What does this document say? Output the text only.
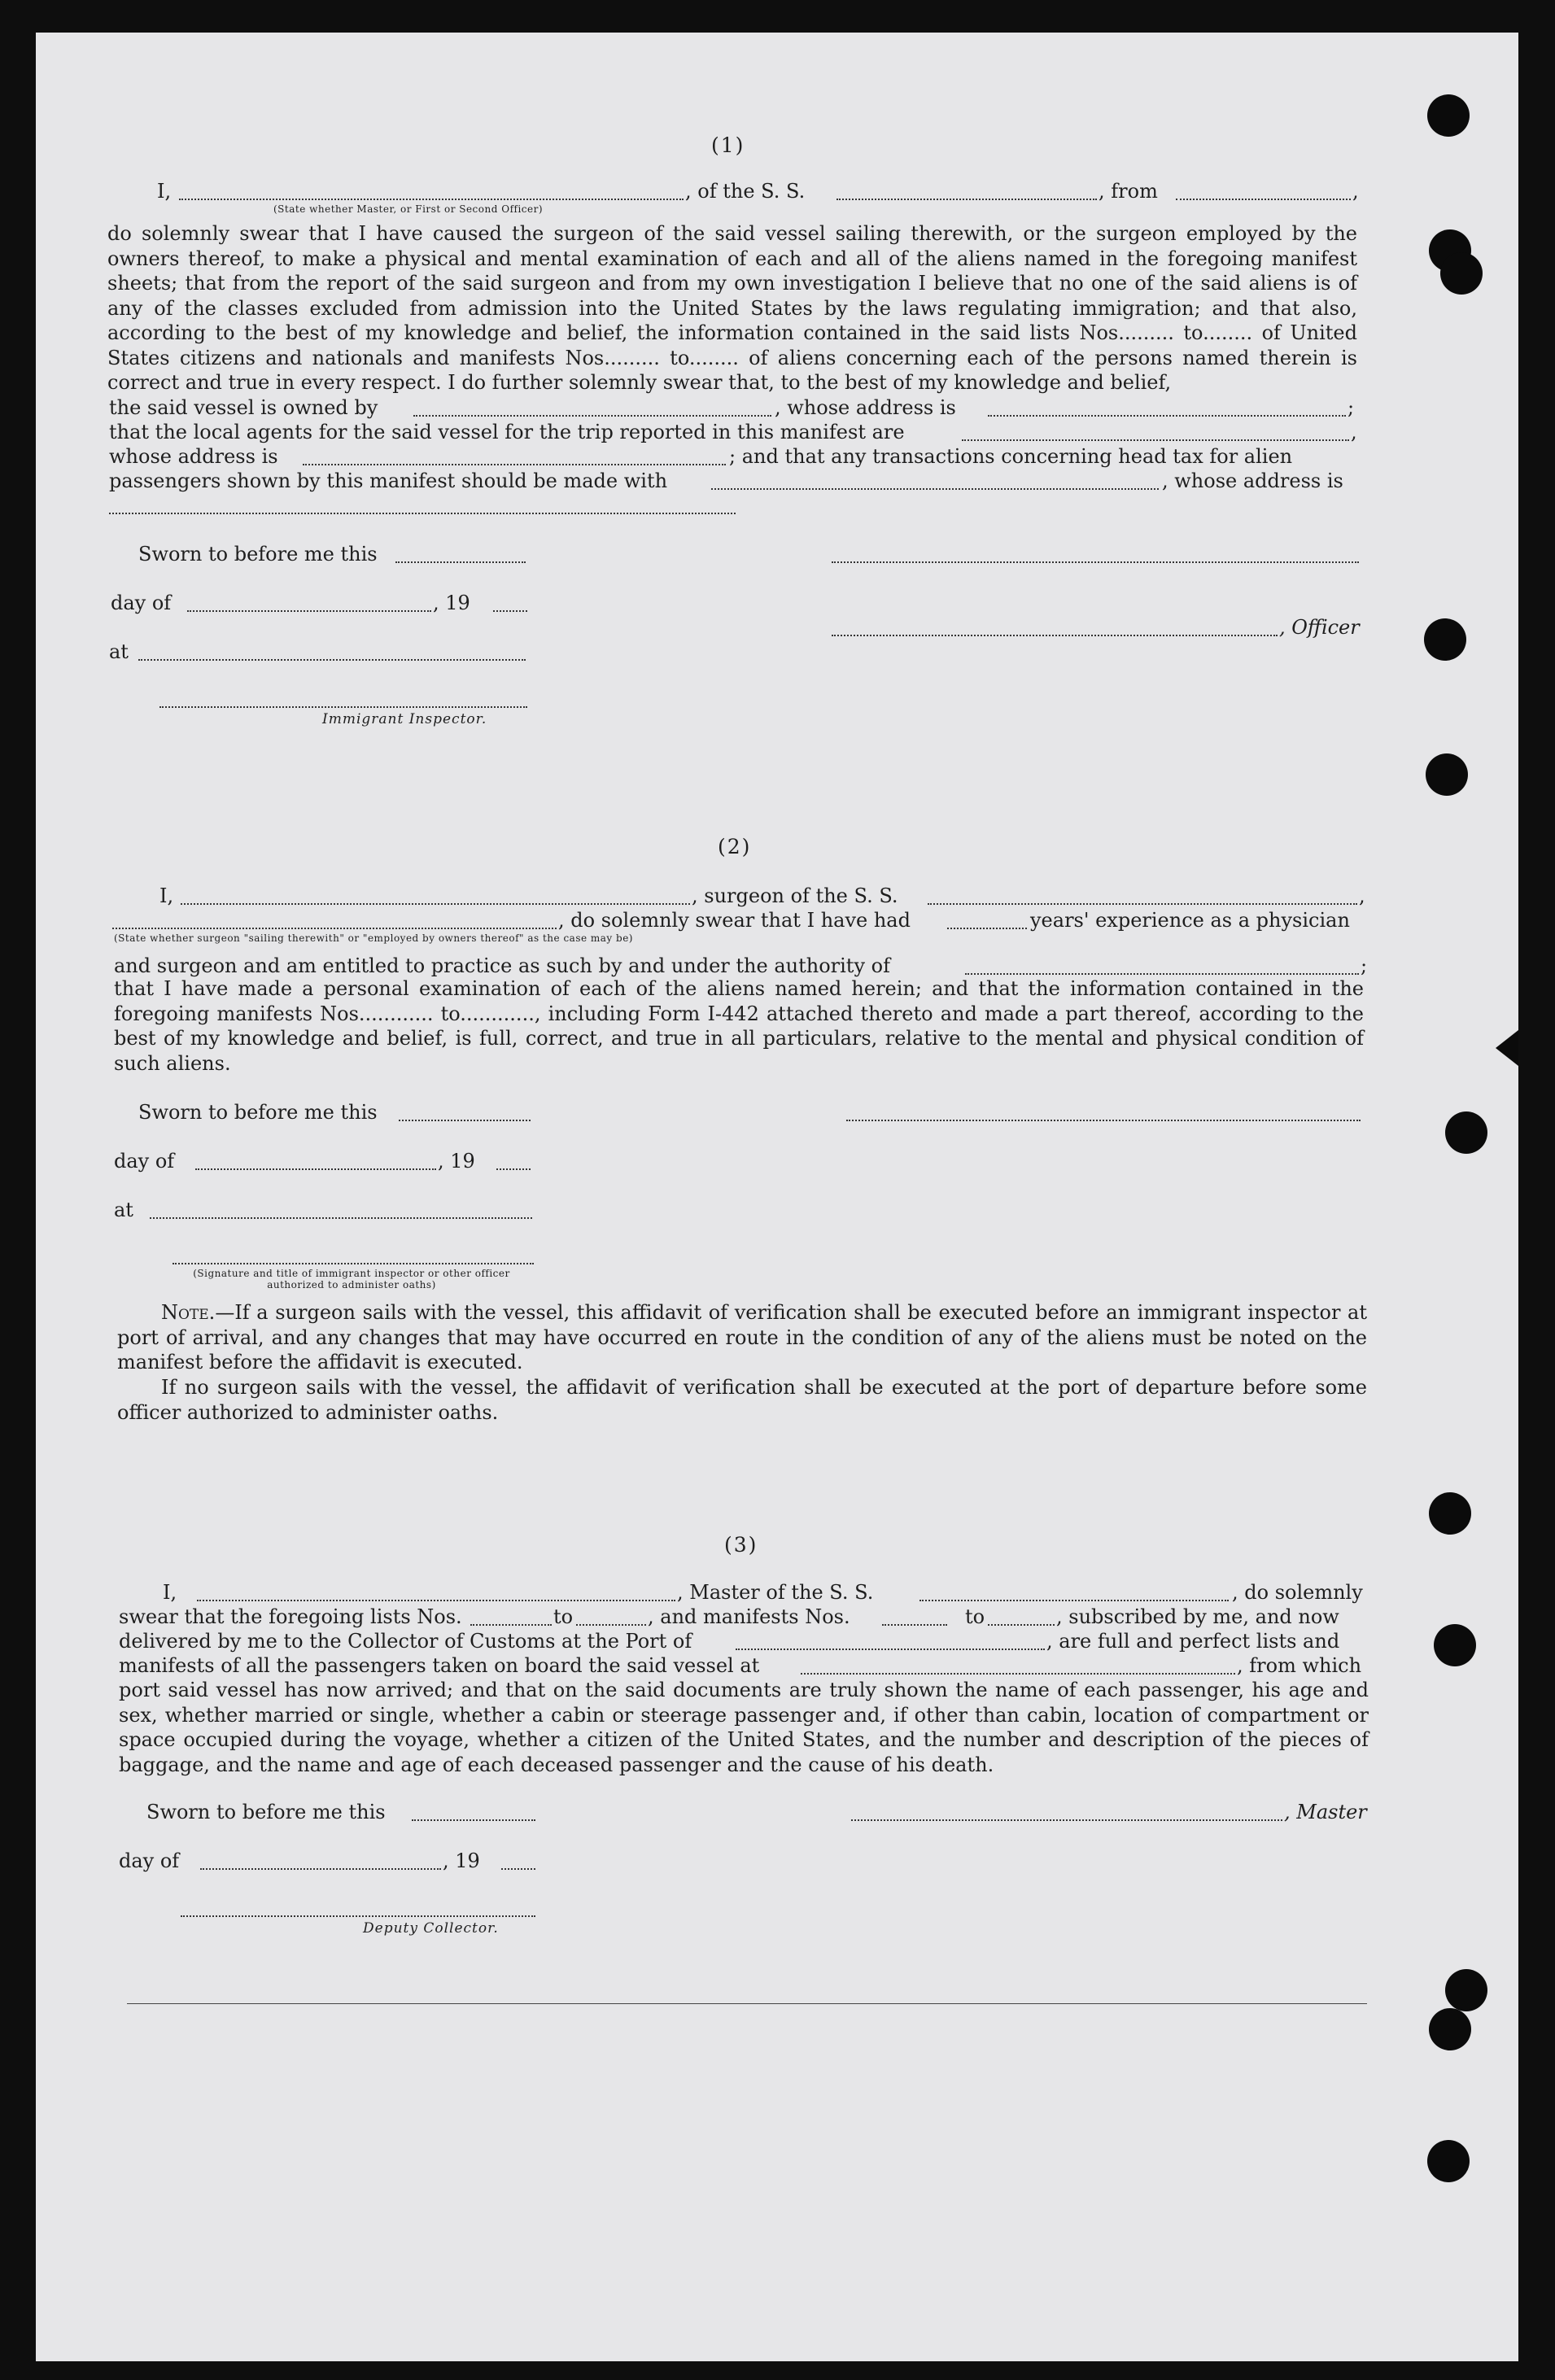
(1)
I,	, of the S. S.	, from	,
(State whether Master, or First or Second Officer)
do solemnly swear that I have caused the surgeon of the said vessel sailing therewith, or the surgeon employed by the owners thereof, to make a physical and mental examination of each and all of the aliens named in the foregoing manifest sheets; that from the report of the said surgeon and from my own investigation I believe that no one of the said aliens is of any of the classes excluded from admission into the United States by the laws regulating immigration; and that also, according to the best of my knowledge and belief, the information contained in the said lists Nos......... to........ of United States citizens and nationals and manifests Nos......... to........ of aliens concerning each of the persons named therein is correct and true in every respect. I do further solemnly swear that, to the best of my knowledge and belief,
the said vessel is owned by	, whose address is	;
that the local agents for the said vessel for the trip reported in this manifest are	,
whose address is	; and that any transactions concerning head tax for alien
passengers shown by this manifest should be made with	, whose address is
Sworn to before me this
day of	, 19
, Officer
at
Immigrant Inspector.
(2)
I,	, surgeon of the S. S.	,
, do solemnly swear that I have had	years' experience as a physician
(State whether surgeon "sailing therewith" or "employed by owners thereof" as the case may be)
and surgeon and am entitled to practice as such by and under the authority of	;
that I have made a personal examination of each of the aliens named herein; and that the information contained in the foregoing manifests Nos............ to............, including Form I-442 attached thereto and made a part thereof, according to the best of my knowledge and belief, is full, correct, and true in all particulars, relative to the mental and physical condition of such aliens.
Sworn to before me this
day of	, 19
at
(Signature and title of immigrant inspector or other officer authorized to administer oaths)
Note.—If a surgeon sails with the vessel, this affidavit of verification shall be executed before an immigrant inspector at port of arrival, and any changes that may have occurred en route in the condition of any of the aliens must be noted on the manifest before the affidavit is executed.
If no surgeon sails with the vessel, the affidavit of verification shall be executed at the port of departure before some officer authorized to administer oaths.
(3)
I,	, Master of the S. S.	, do solemnly
swear that the foregoing lists Nos.	to	, and manifests Nos.	to	, subscribed by me, and now
delivered by me to the Collector of Customs at the Port of	, are full and perfect lists and
manifests of all the passengers taken on board the said vessel at	, from which
port said vessel has now arrived; and that on the said documents are truly shown the name of each passenger, his age and sex, whether married or single, whether a cabin or steerage passenger and, if other than cabin, location of compartment or space occupied during the voyage, whether a citizen of the United States, and the number and description of the pieces of baggage, and the name and age of each deceased passenger and the cause of his death.
Sworn to before me this	, Master
day of	, 19
Deputy Collector.
